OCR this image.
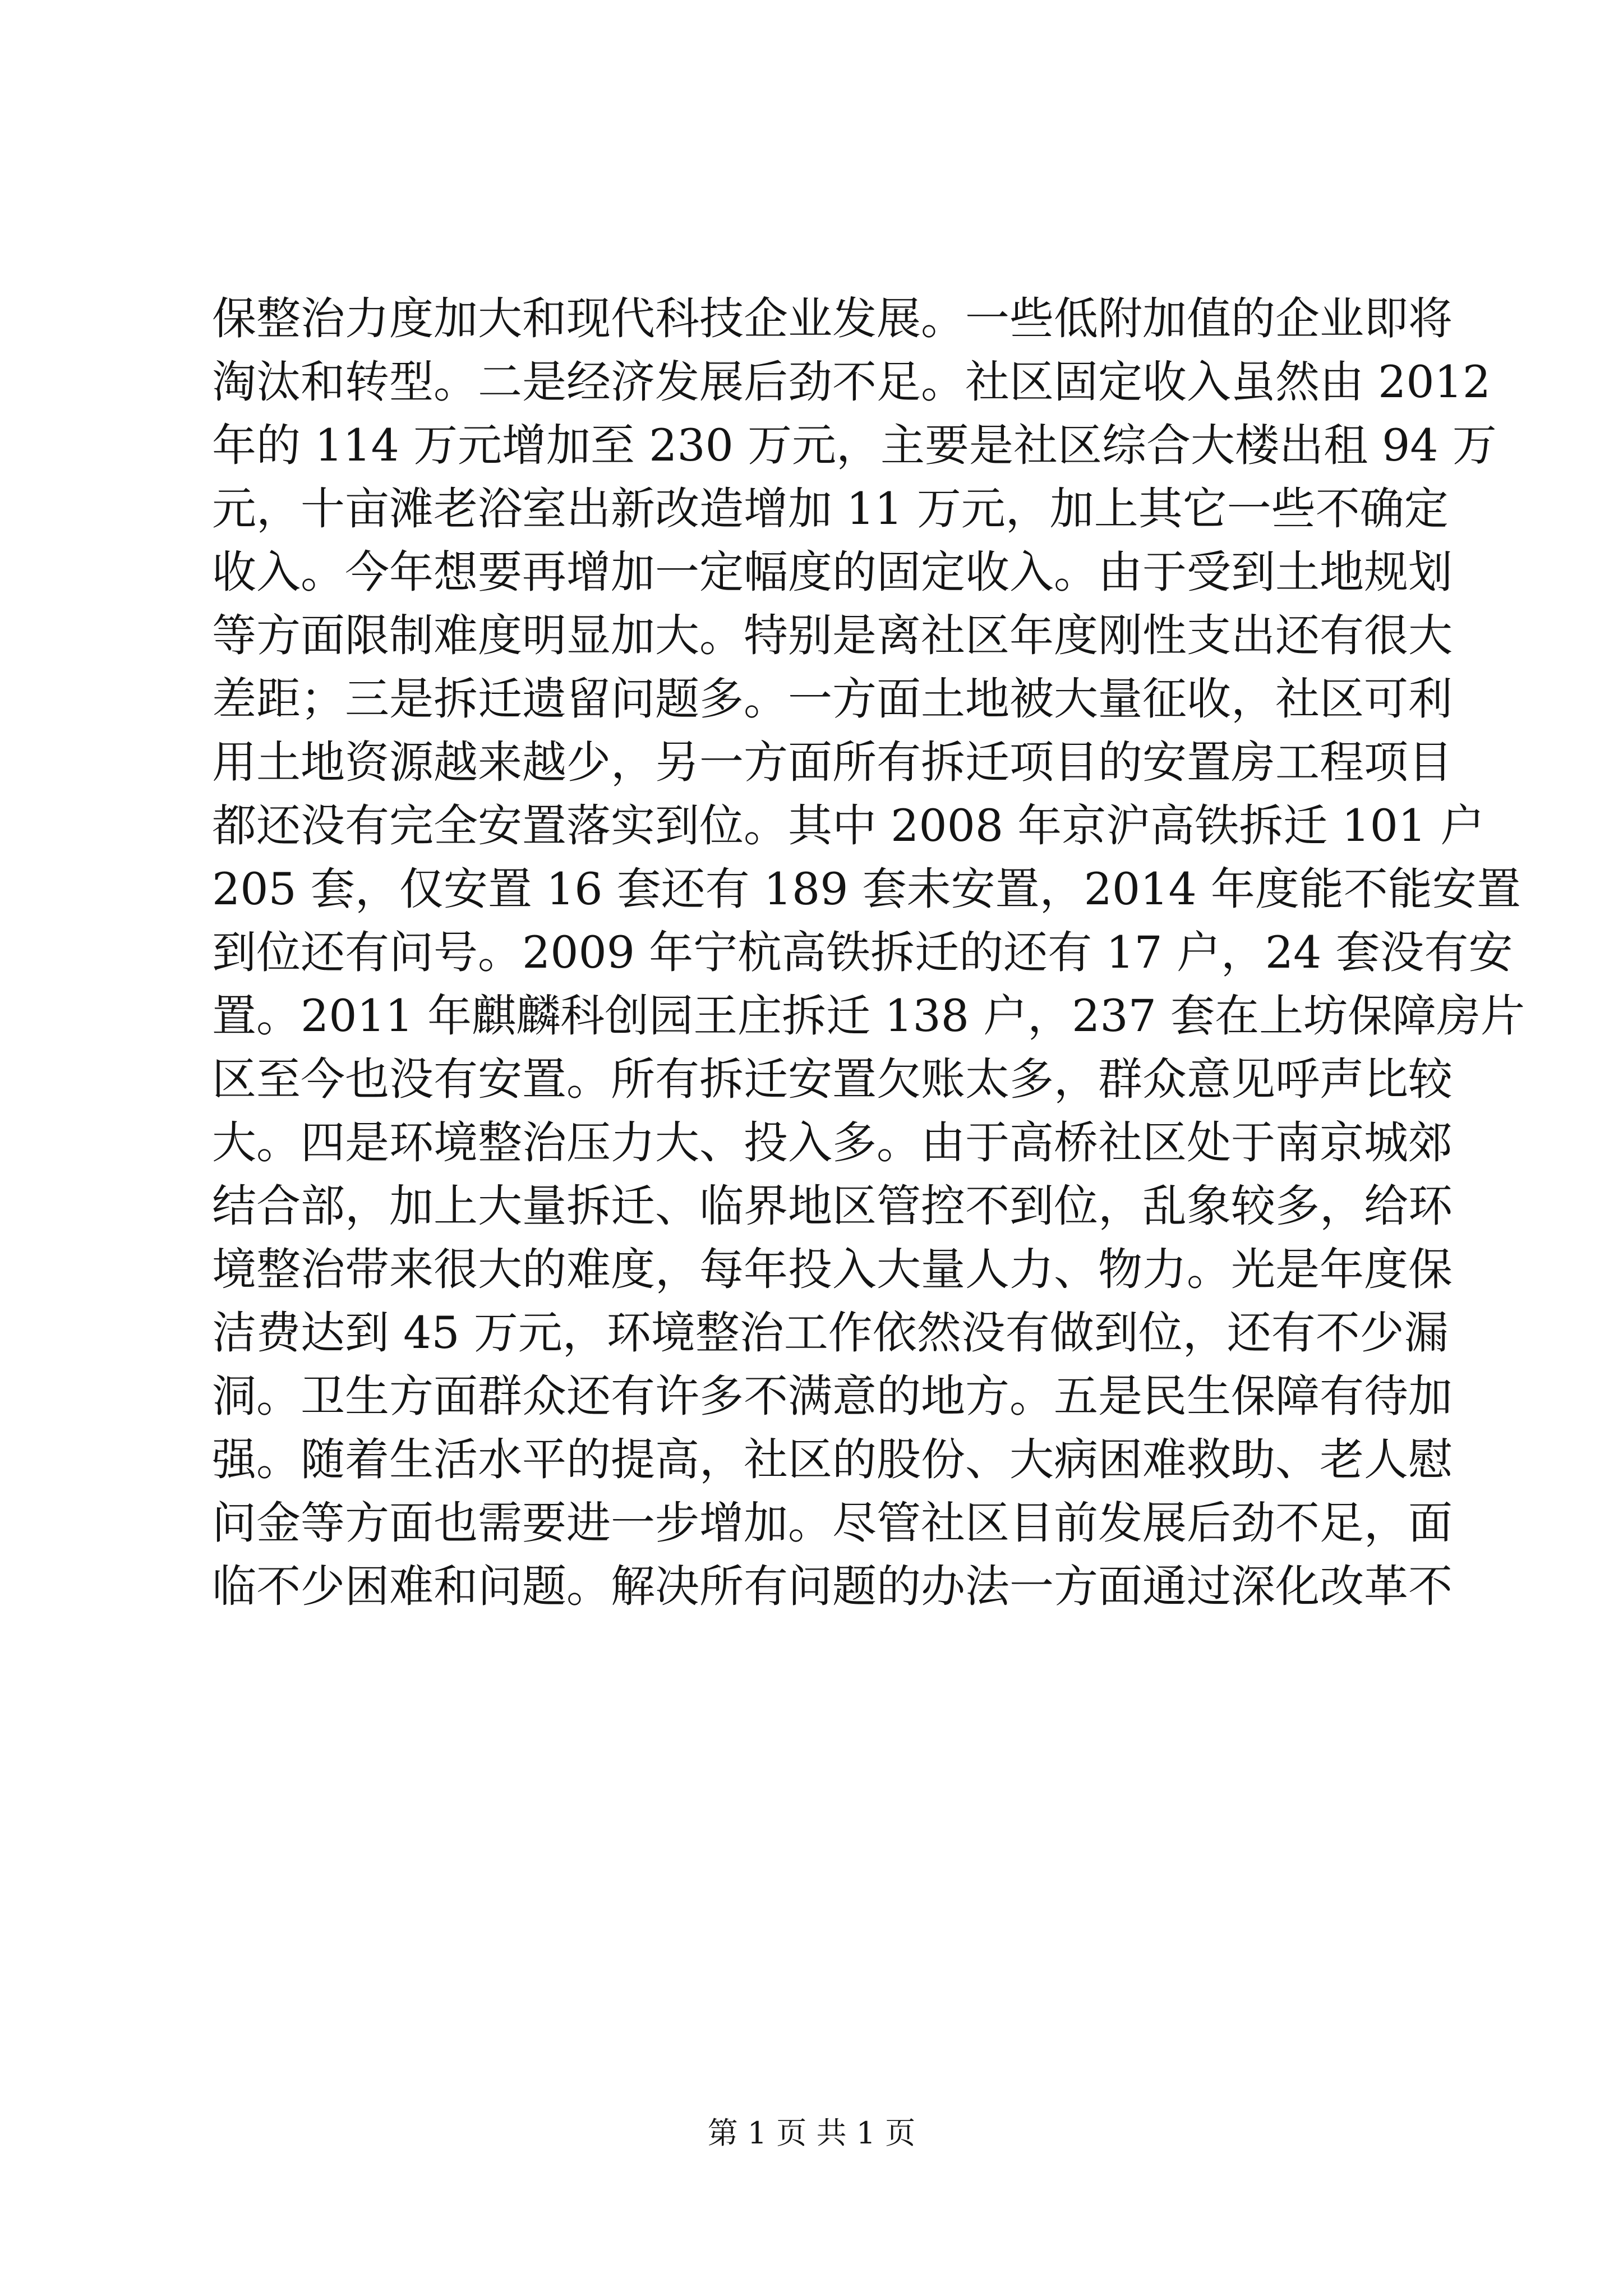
保整治力度加大和现代科技企业发展。一些低附加值的企业即将
淘汰和转型。二是经济发展后劲不足。社区固定收入虽然由 2012
年的 114 万元增加至 230 万元，主要是社区综合大楼出租 94 万
元，十亩滩老浴室出新改造增加 11 万元，加上其它一些不确定
收入。今年想要再增加一定幅度的固定收入。由于受到土地规划
等方面限制难度明显加大。特别是离社区年度刚性支出还有很大
差距；三是拆迁遗留问题多。一方面土地被大量征收，社区可利
用土地资源越来越少，另一方面所有拆迁项目的安置房工程项目
都还没有完全安置落实到位。其中 2008 年京沪高铁拆迁 101 户
205 套，仅安置 16 套还有 189 套未安置，2014 年度能不能安置
到位还有问号。2009 年宁杭高铁拆迁的还有 17 户，24 套没有安
置。2011 年麒麟科创园王庄拆迁 138 户，237 套在上坊保障房片
区至今也没有安置。所有拆迁安置欠账太多，群众意见呼声比较
大。四是环境整治压力大、投入多。由于高桥社区处于南京城郊
结合部，加上大量拆迁、临界地区管控不到位，乱象较多，给环
境整治带来很大的难度，每年投入大量人力、物力。光是年度保
洁费达到 45 万元，环境整治工作依然没有做到位，还有不少漏
洞。卫生方面群众还有许多不满意的地方。五是民生保障有待加
强。随着生活水平的提高，社区的股份、大病困难救助、老人慰
问金等方面也需要进一步增加。尽管社区目前发展后劲不足，面
临不少困难和问题。解决所有问题的办法一方面通过深化改革不
第 1 页 共 1 页
